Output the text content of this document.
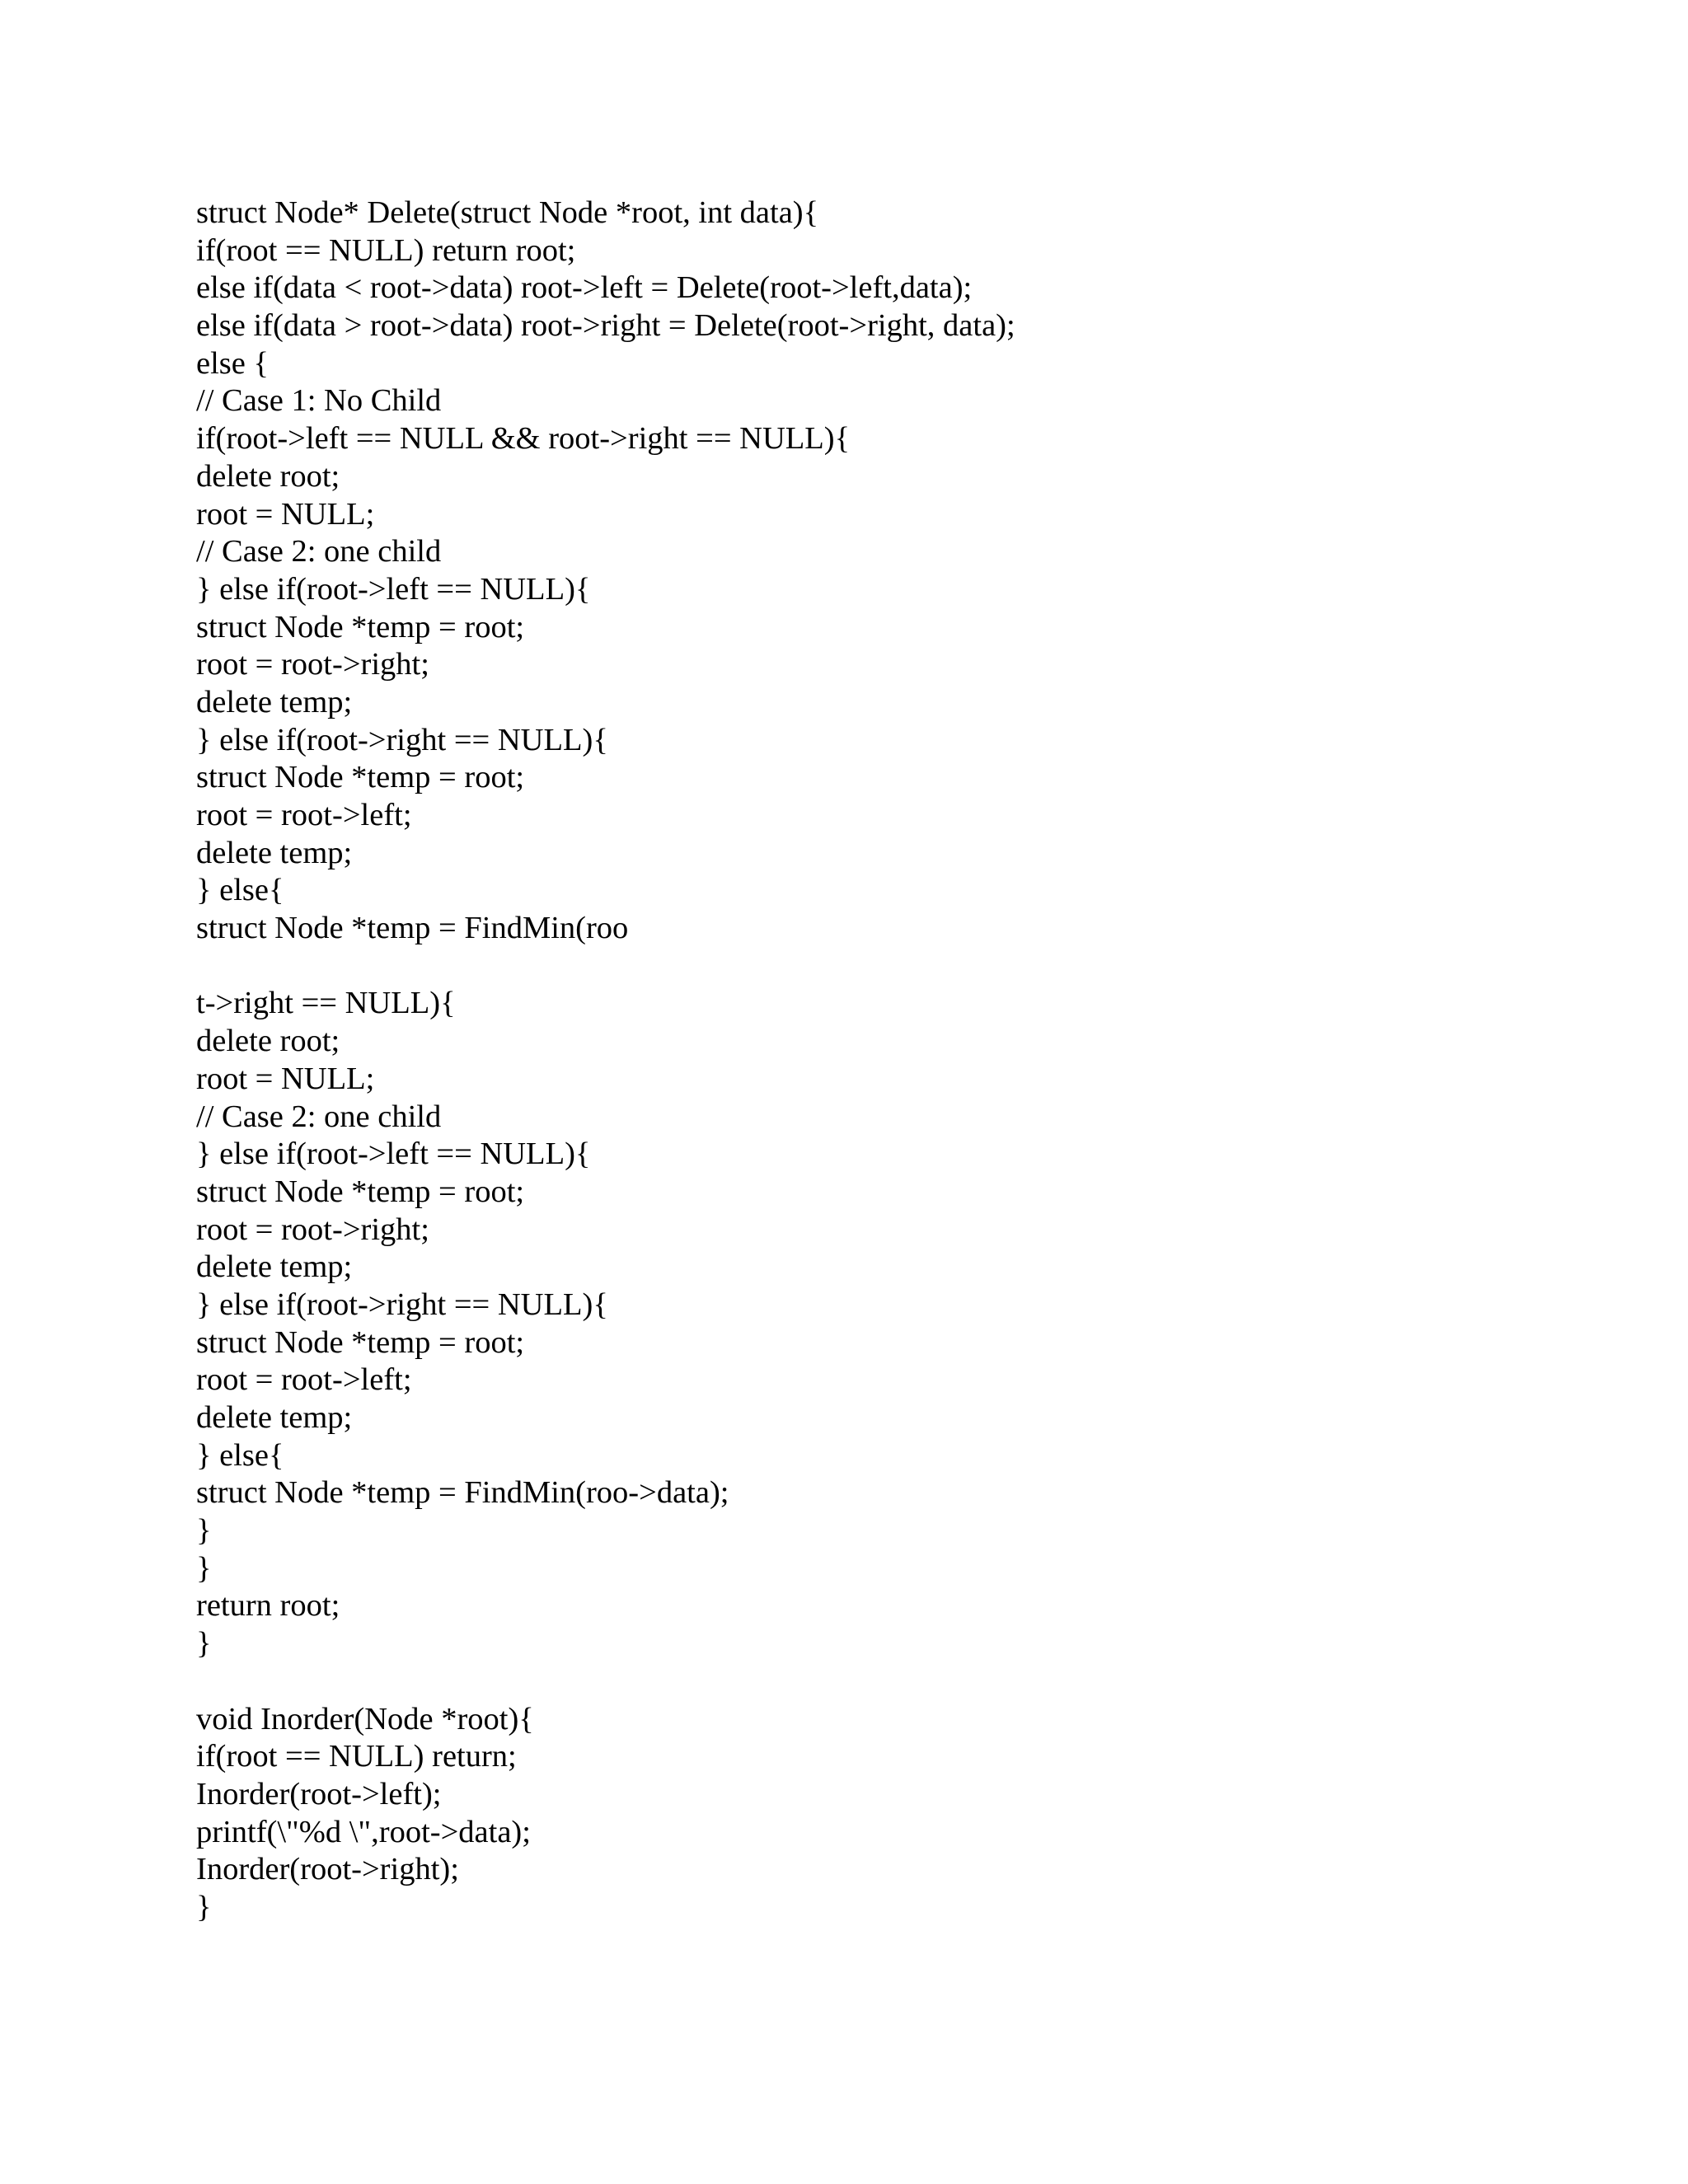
struct Node* Delete(struct Node *root, int data){
if(root == NULL) return root;
else if(data < root->data) root->left = Delete(root->left,data);
else if(data > root->data) root->right = Delete(root->right, data);
else {
// Case 1: No Child
if(root->left == NULL && root->right == NULL){
delete root;
root = NULL;
// Case 2: one child
} else if(root->left == NULL){
struct Node *temp = root;
root = root->right;
delete temp;
} else if(root->right == NULL){
struct Node *temp = root;
root = root->left;
delete temp;
} else{
struct Node *temp = FindMin(roo
t->right == NULL){
delete root;
root = NULL;
// Case 2: one child
} else if(root->left == NULL){
struct Node *temp = root;
root = root->right;
delete temp;
} else if(root->right == NULL){
struct Node *temp = root;
root = root->left;
delete temp;
} else{
struct Node *temp = FindMin(roo->data);
}
}
return root;
}
void Inorder(Node *root){
if(root == NULL) return;
Inorder(root->left);
printf(\"%d \",root->data);
Inorder(root->right);
}
